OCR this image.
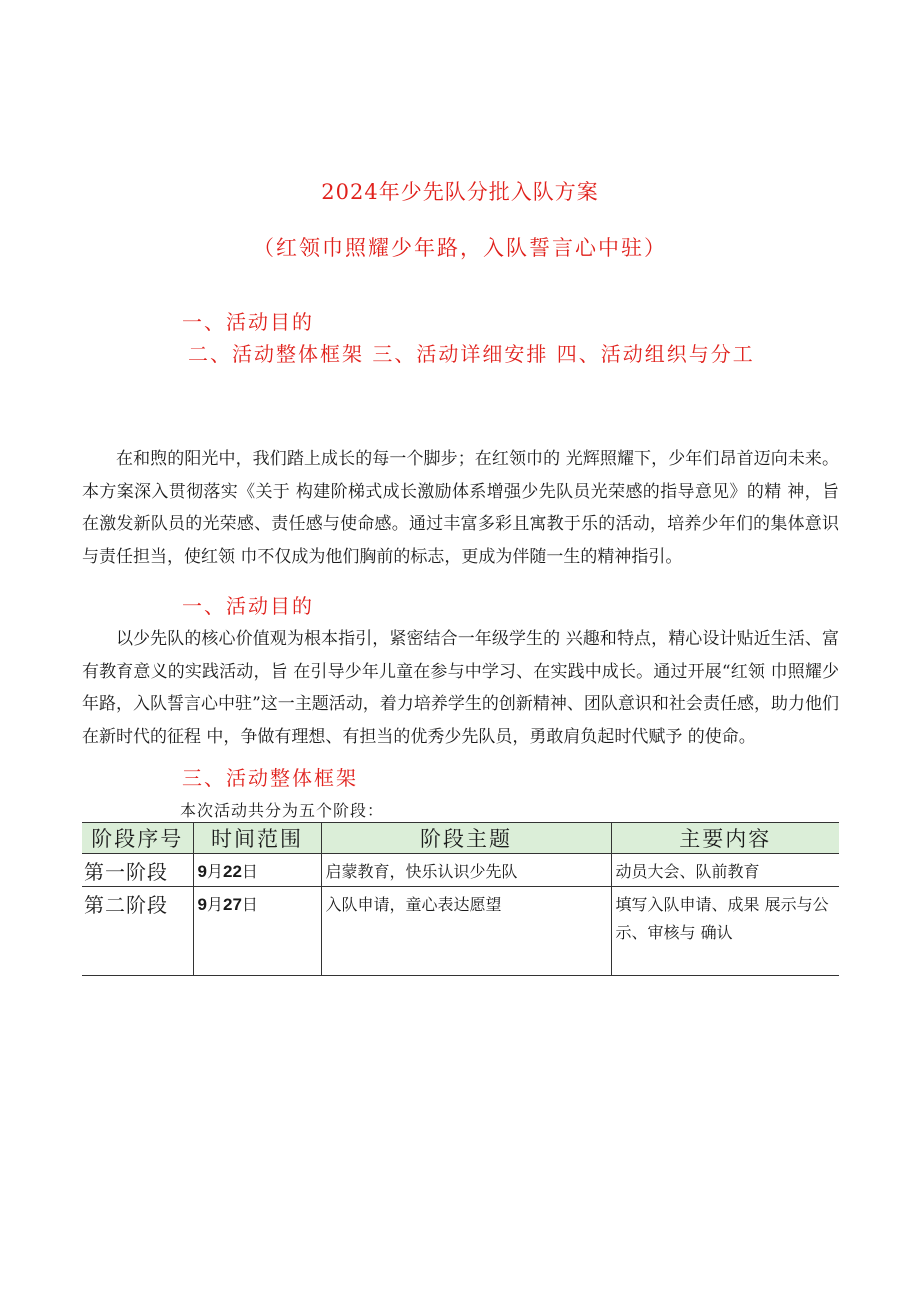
2024年少先队分批入队方案
（红领巾照耀少年路，入队誓言心中驻）
一、活动目的
二、活动整体框架 三、活动详细安排 四、活动组织与分工
在和煦的阳光中，我们踏上成长的每一个脚步；在红领巾的 光辉照耀下，少年们昂首迈向未来。本方案深入贯彻落实《关于 构建阶梯式成长激励体系增强少先队员光荣感的指导意见》的精 神，旨在激发新队员的光荣感、责任感与使命感。通过丰富多彩且寓教于乐的活动，培养少年们的集体意识与责任担当，使红领 巾不仅成为他们胸前的标志，更成为伴随一生的精神指引。
一、活动目的
以少先队的核心价值观为根本指引，紧密结合一年级学生的 兴趣和特点，精心设计贴近生活、富有教育意义的实践活动，旨 在引导少年儿童在参与中学习、在实践中成长。通过开展“红领 巾照耀少年路，入队誓言心中驻”这一主题活动，着力培养学生的创新精神、团队意识和社会责任感，助力他们在新时代的征程 中，争做有理想、有担当的优秀少先队员，勇敢肩负起时代赋予 的使命。
三、活动整体框架
本次活动共分为五个阶段：
阶段序号	时间范围	阶段主题	主要内容
第一阶段	9月22日	启蒙教育，快乐认识少先队	动员大会、队前教育
第二阶段	9月27日	入队申请，童心表达愿望	填写入队申请、成果 展示与公示、审核与 确认
